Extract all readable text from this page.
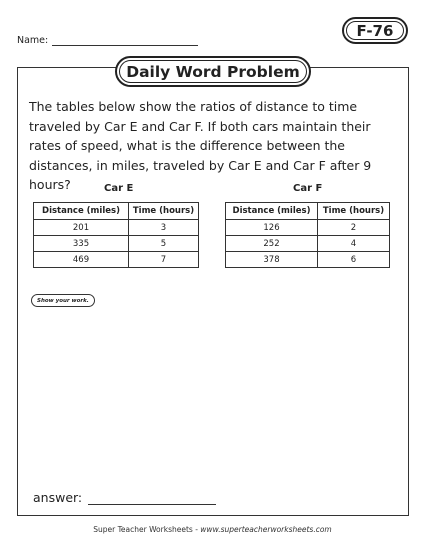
Name:
F-76
Daily Word Problem
The tables below show the ratios of distance to time traveled by Car E and Car F. If both cars maintain their rates of speed, what is the difference between the distances, in miles, traveled by Car E and Car F after 9 hours?	Car E
Distance (miles)	Time (hours)
201	3
335	5
469	7
Car F
Distance (miles)	Time (hours)
126	2
252	4
378	6
Show your work.
answer:
Super Teacher Worksheets - www.superteacherworksheets.com
